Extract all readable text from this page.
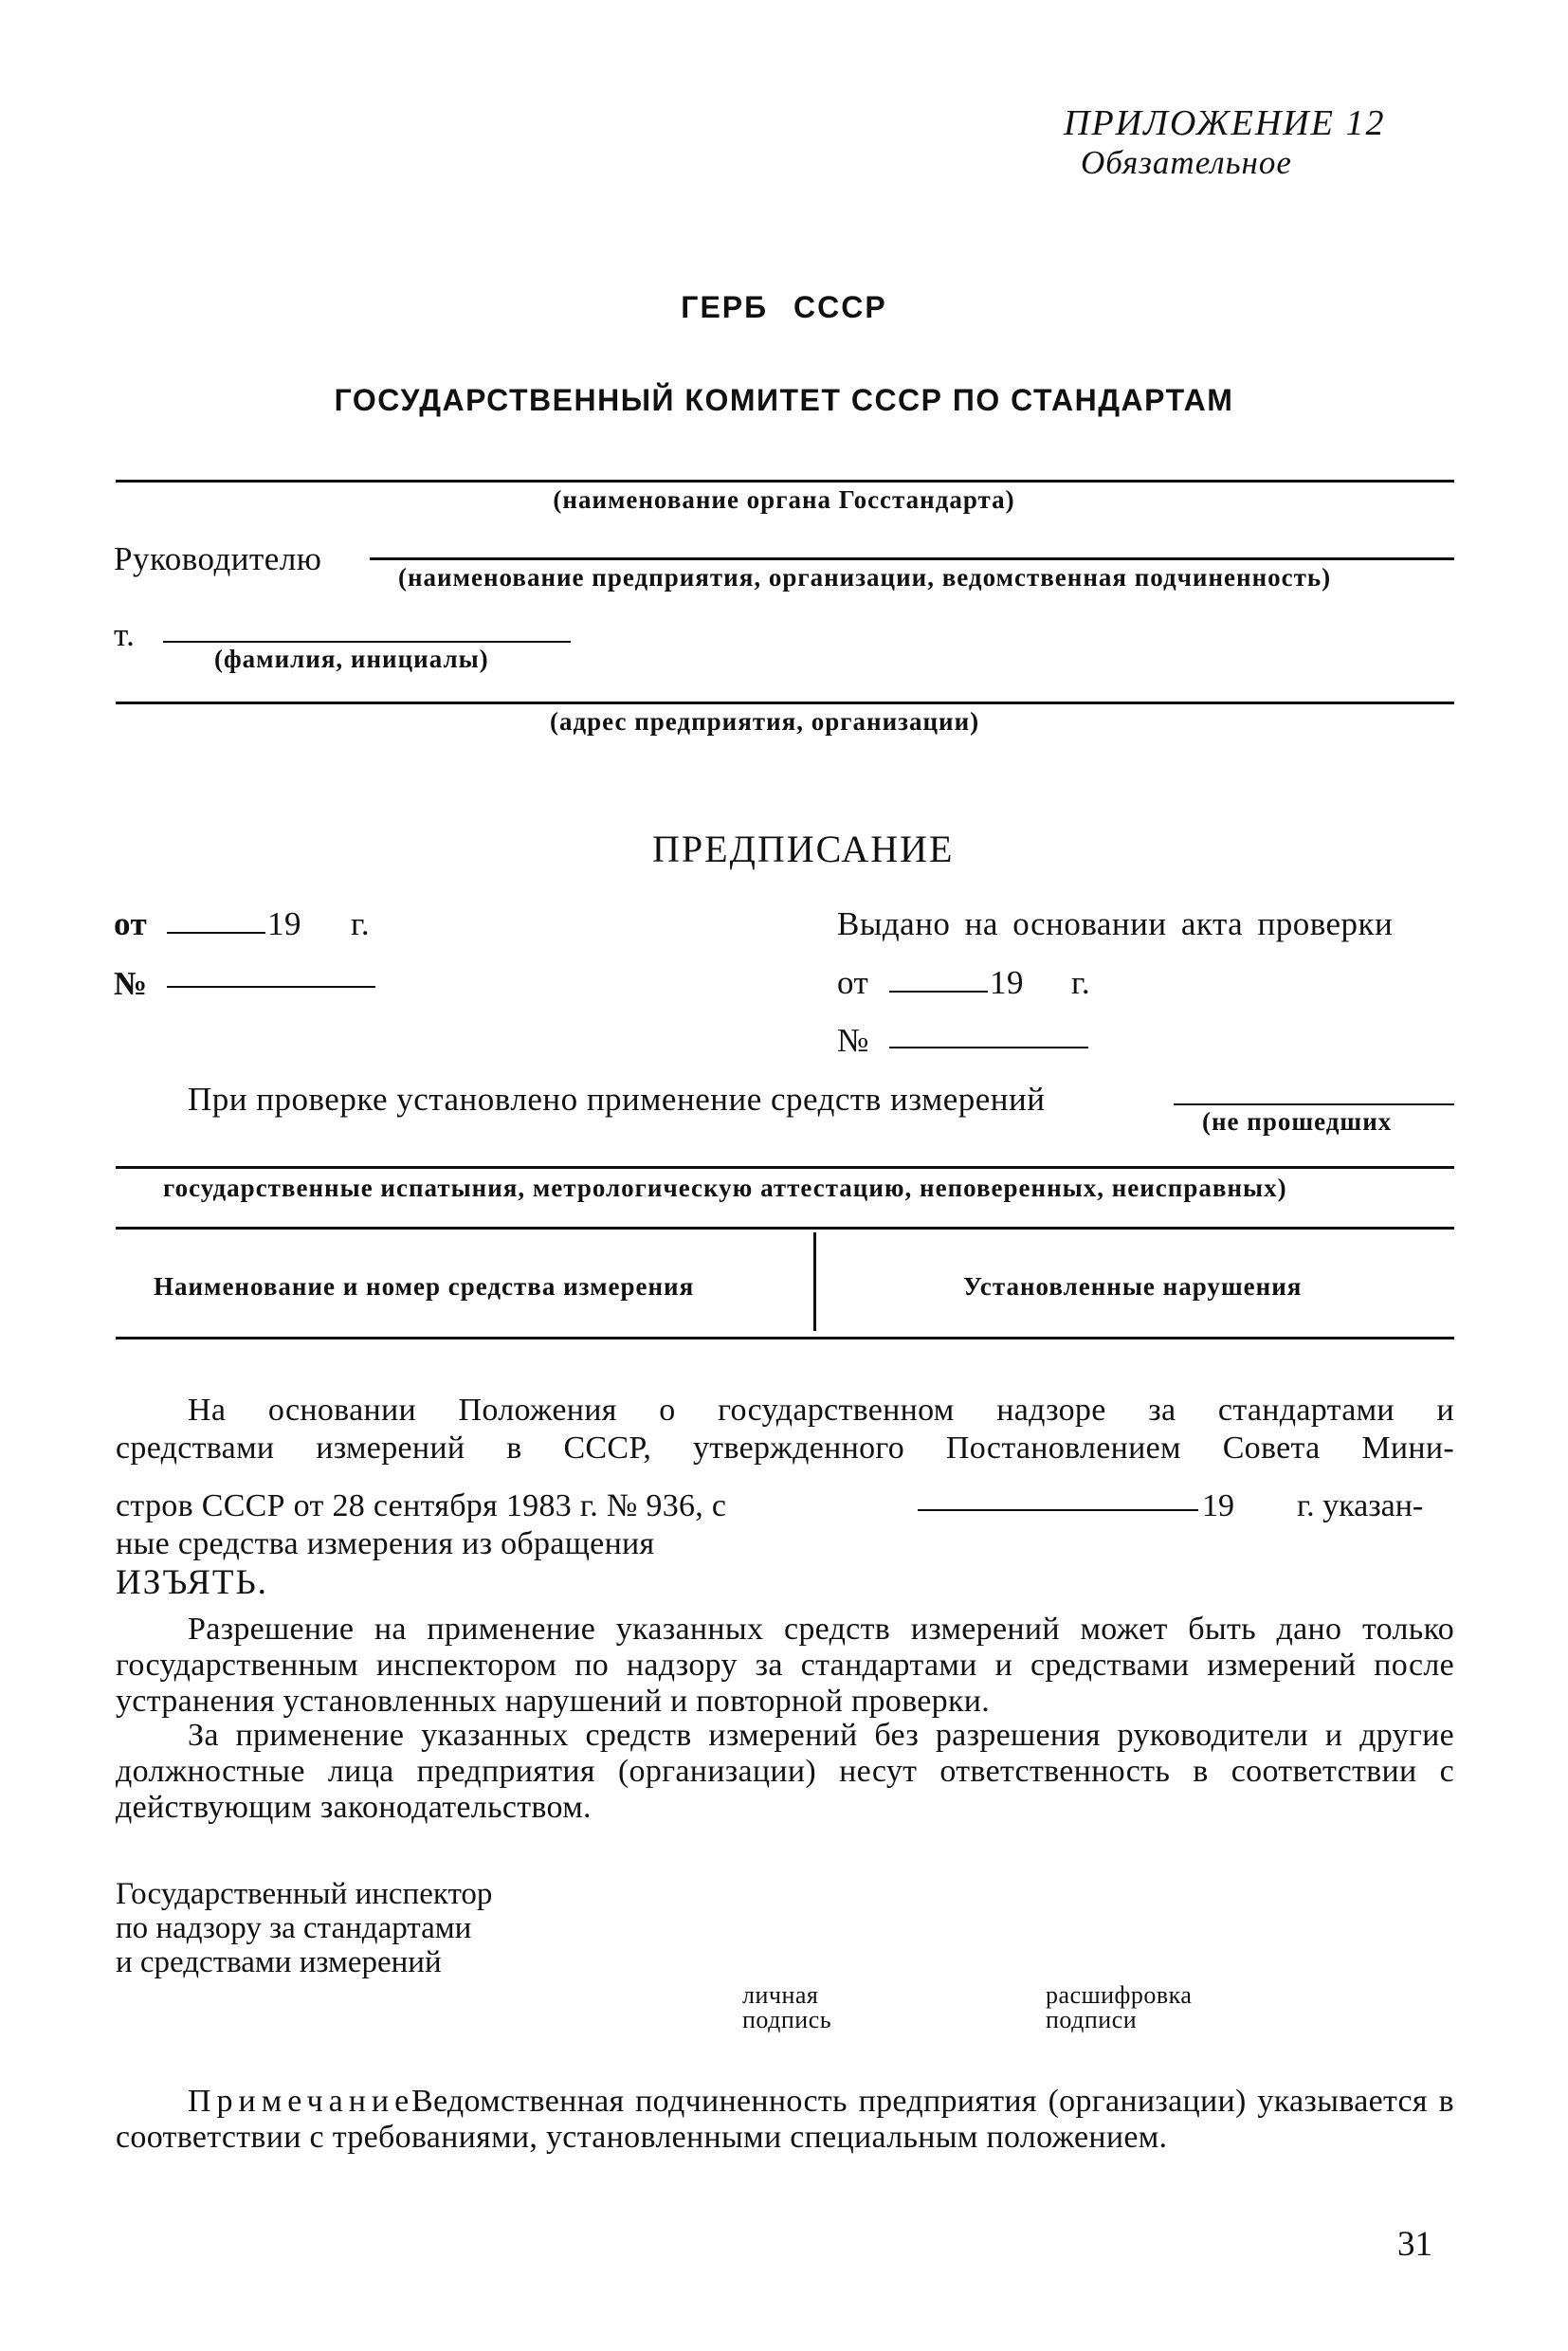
ПРИЛОЖЕНИЕ 12
Обязательное
ГЕРБ СССР
ГОСУДАРСТВЕННЫЙ КОМИТЕТ СССР ПО СТАНДАРТАМ
(наименование органа Госстандарта)
Руководителю	(наименование предприятия, организации, ведомственная подчиненность)
т.
(фамилия, инициалы)
(адрес предприятия, организации)
ПРЕДПИСАНИЕ
от	19 г.
№
Выдано на основании акта проверки
от	19 г.
№
При проверке установлено применение средств измерений
(не прошедших
государственные испатыния, метрологическую аттестацию, неповеренных, неисправных)
Наименование и номер средства измерения	Установленные нарушения
На основании Положения о государственном надзоре за стандартами и
средствами измерений в СССР, утвержденного Постановлением Совета Мини-
стров СССР от 28 сентября 1983 г. № 936, с	19 г. указан-
ные средства измерения из обращения
ИЗЪЯТЬ.
Разрешение на применение указанных средств измерений может быть дано только государственным инспектором по надзору за стандартами и средствами измерений после устранения установленных нарушений и повторной проверки.
За применение указанных средств измерений без разрешения руководители и другие должностные лица предприятия (организации) несут ответственность в соответствии с действующим законодательством.
Государственный инспектор
по надзору за стандартами
и средствами измерений
личная
подпись
расшифровка
подписи
Примечание.
Ведомственная подчиненность предприятия (организации) указывается в соответствии с требованиями, установленными специальным положением.
31
